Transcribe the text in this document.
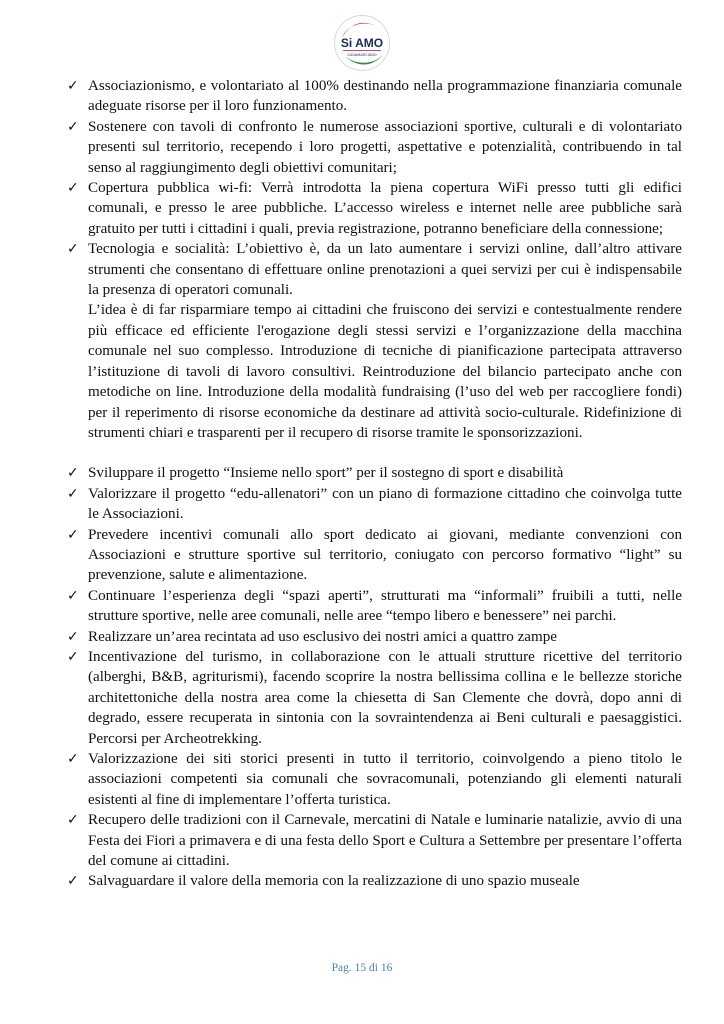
Si AMO
CASAMARCIANO
✓ Associazionismo, e volontariato al 100% destinando nella programmazione finanziaria comunale adeguate risorse per il loro funzionamento.

✓ Sostenere con tavoli di confronto le numerose associazioni sportive, culturali e di volontariato presenti sul territorio, recependo i loro progetti, aspettative e potenzialità, contribuendo in tal senso al raggiungimento degli obiettivi comunitari;

✓ Copertura pubblica wi-fi: Verrà introdotta la piena copertura WiFi presso tutti gli edifici comunali, e presso le aree pubbliche. L’accesso wireless e internet nelle aree pubbliche sarà gratuito per tutti i cittadini i quali, previa registrazione, potranno beneficiare della connessione;

✓ Tecnologia e socialità: L’obiettivo è, da un lato aumentare i servizi online, dall’altro attivare strumenti che consentano di effettuare online prenotazioni a quei servizi per cui è indispensabile la presenza di operatori comunali.

L’idea è di far risparmiare tempo ai cittadini che fruiscono dei servizi e contestualmente rendere più efficace ed efficiente l'erogazione degli stessi servizi e l’organizzazione della macchina comunale nel suo complesso. Introduzione di tecniche di pianificazione partecipata attraverso l’istituzione di tavoli di lavoro consultivi. Reintroduzione del bilancio partecipato anche con metodiche on line. Introduzione della modalità fundraising (l’uso del web per raccogliere fondi) per il reperimento di risorse economiche da destinare ad attività socio-culturale. Ridefinizione di strumenti chiari e trasparenti per il recupero di risorse tramite le sponsorizzazioni.

✓ Sviluppare il progetto “Insieme nello sport” per il sostegno di sport e disabilità

✓ Valorizzare il progetto “edu-allenatori” con un piano di formazione cittadino che coinvolga tutte le Associazioni.

✓ Prevedere incentivi comunali allo sport dedicato ai giovani, mediante convenzioni con Associazioni e strutture sportive sul territorio, coniugato con percorso formativo “light” su prevenzione, salute e alimentazione.

✓ Continuare l’esperienza degli “spazi aperti”, strutturati ma “informali” fruibili a tutti, nelle strutture sportive, nelle aree comunali, nelle aree “tempo libero e benessere” nei parchi.

✓ Realizzare un’area recintata ad uso esclusivo dei nostri amici a quattro zampe

✓ Incentivazione del turismo, in collaborazione con le attuali strutture ricettive del territorio (alberghi, B&B, agriturismi), facendo scoprire la nostra bellissima collina e le bellezze storiche architettoniche della nostra area come la chiesetta di San Clemente che dovrà, dopo anni di degrado, essere recuperata in sintonia con la sovraintendenza ai Beni culturali e paesaggistici. Percorsi per Archeotrekking.

✓ Valorizzazione dei siti storici presenti in tutto il territorio, coinvolgendo a pieno titolo le associazioni competenti sia comunali che sovracomunali, potenziando gli elementi naturali esistenti al fine di implementare l’offerta turistica.

✓ Recupero delle tradizioni con il Carnevale, mercatini di Natale e luminarie natalizie, avvio di una Festa dei Fiori a primavera e di una festa dello Sport e Cultura a Settembre per presentare l’offerta del comune ai cittadini.

✓ Salvaguardare il valore della memoria con la realizzazione di uno spazio museale

Pag. 15 di 16
